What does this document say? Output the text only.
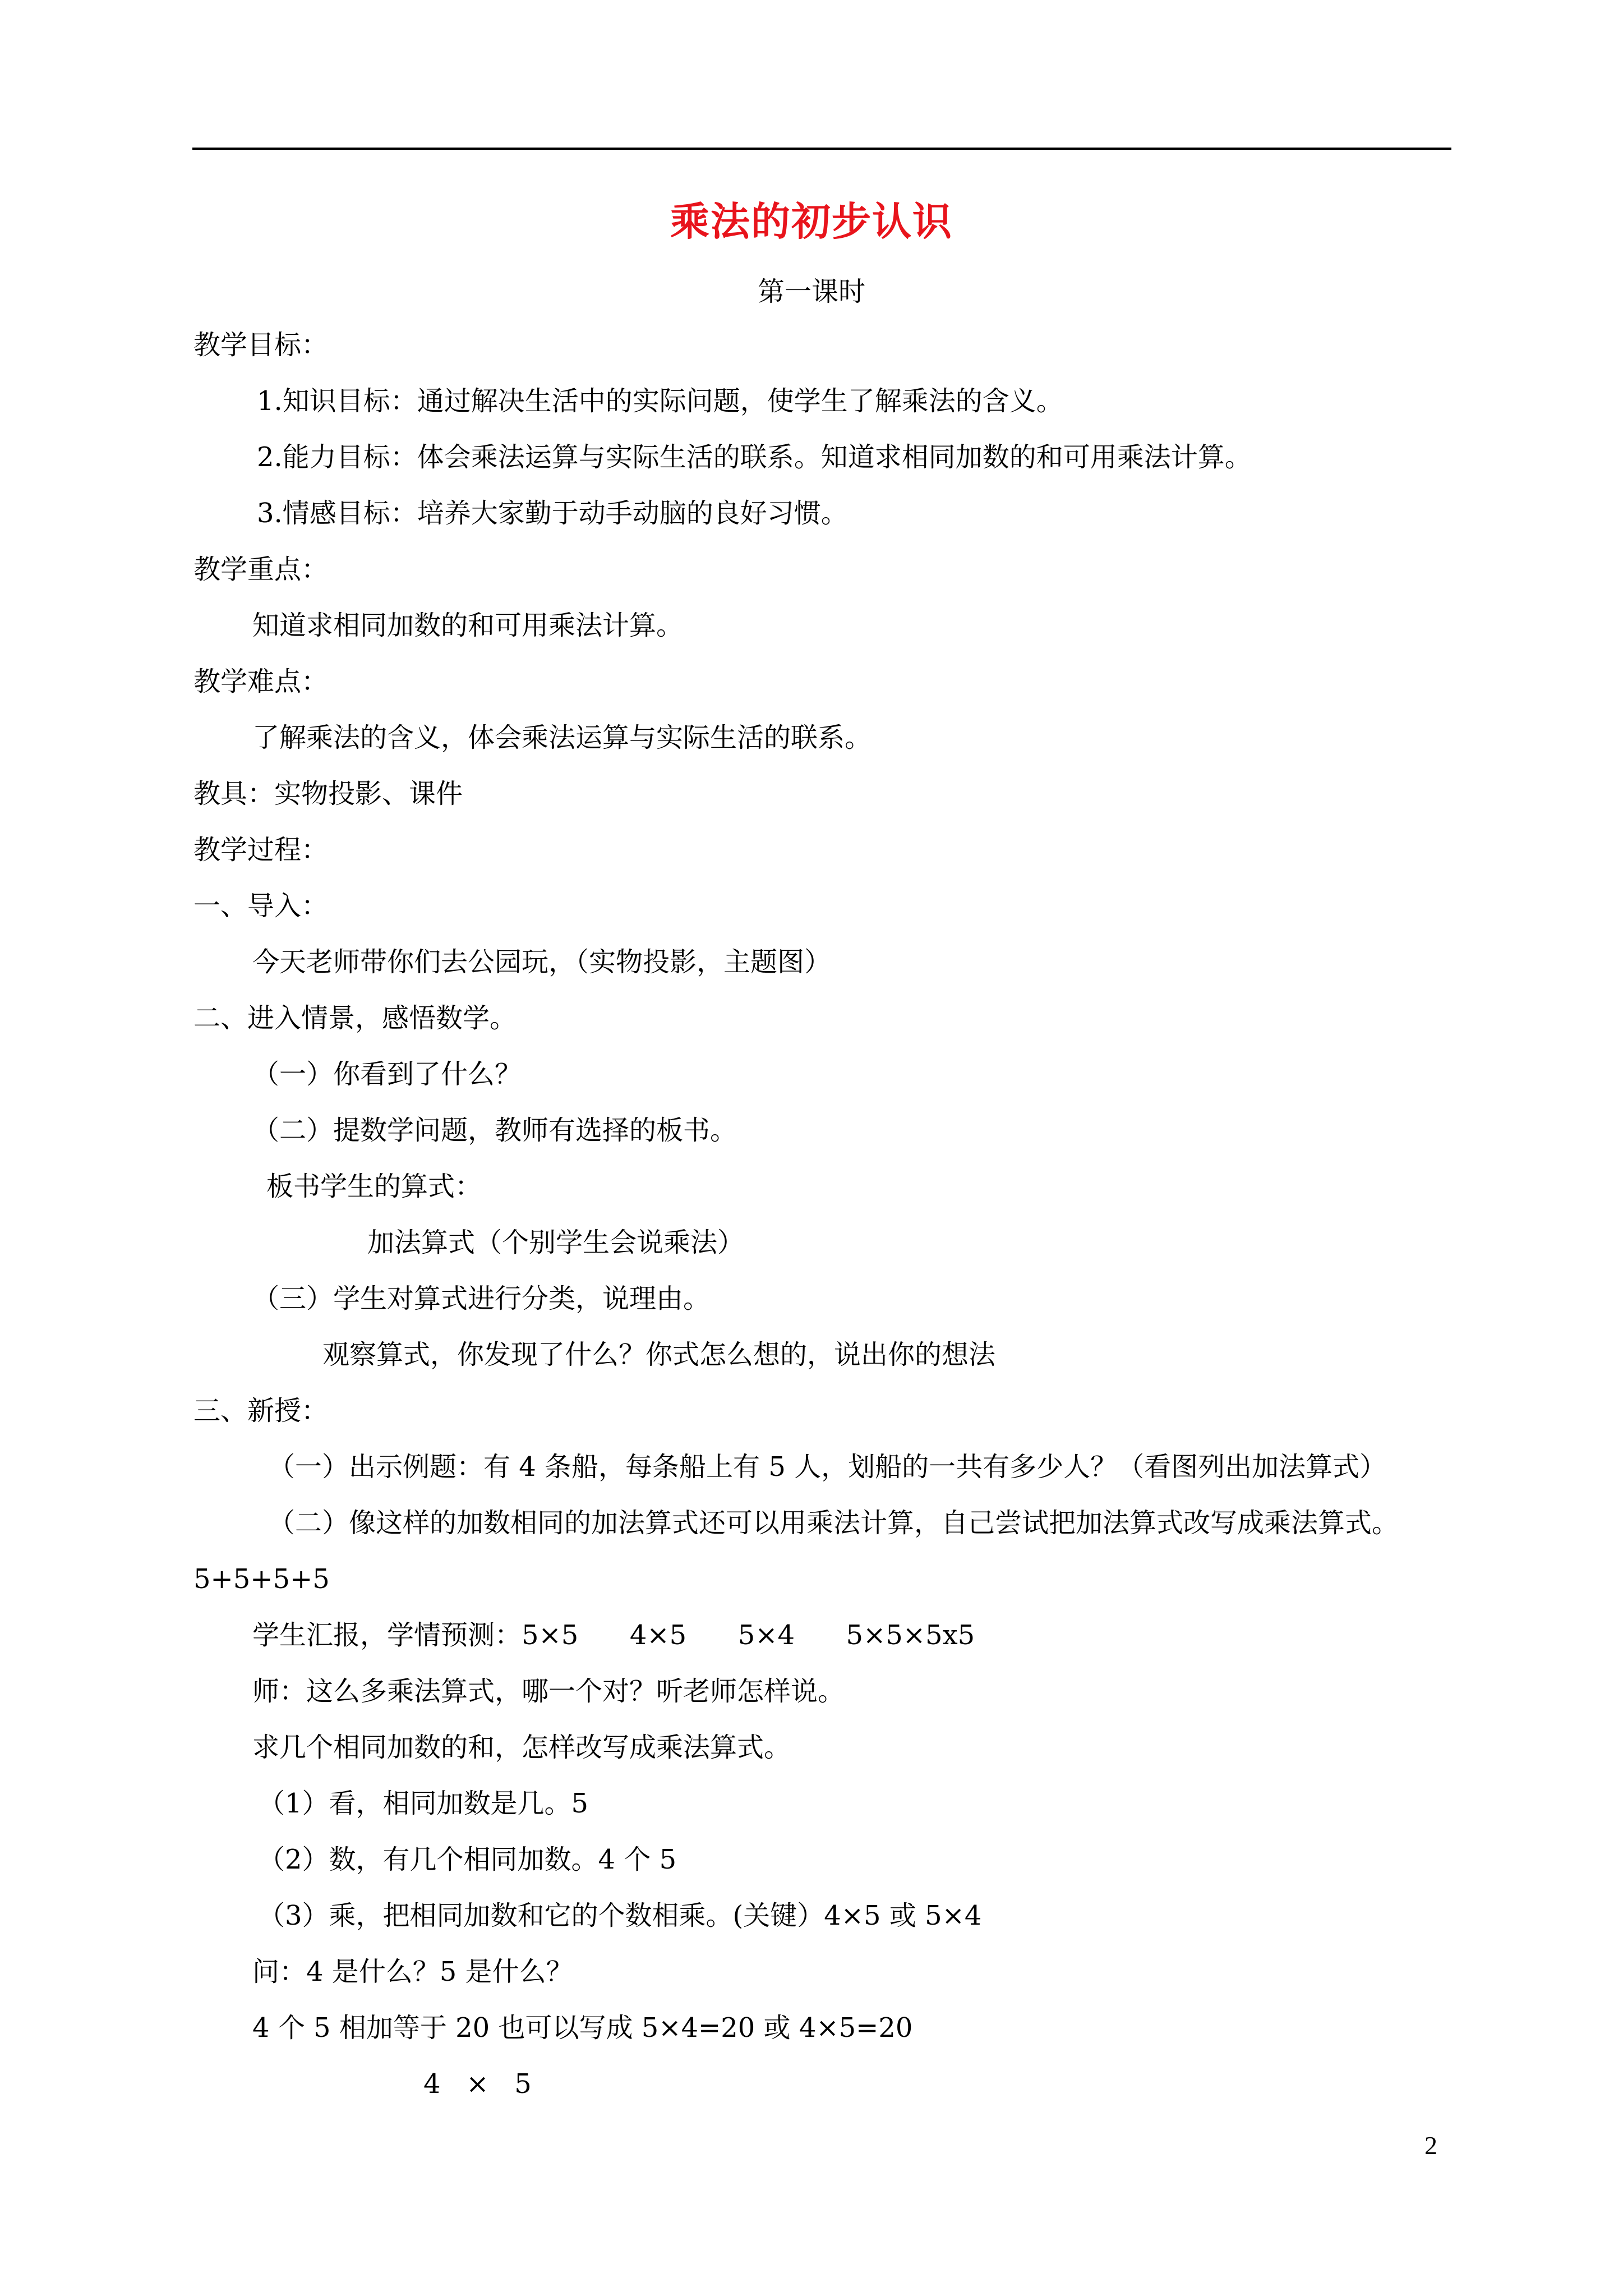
乘法的初步认识
第一课时
教学目标：
1.知识目标：通过解决生活中的实际问题，使学生了解乘法的含义。
2.能力目标：体会乘法运算与实际生活的联系。知道求相同加数的和可用乘法计算。
3.情感目标：培养大家勤于动手动脑的良好习惯。
教学重点：
知道求相同加数的和可用乘法计算。
教学难点：
了解乘法的含义，体会乘法运算与实际生活的联系。
教具：实物投影、课件
教学过程：
一、导入：
今天老师带你们去公园玩，（实物投影，主题图）
二、进入情景，感悟数学。
（一）你看到了什么？
（二）提数学问题，教师有选择的板书。
板书学生的算式：
加法算式（个别学生会说乘法）
（三）学生对算式进行分类，说理由。
观察算式，你发现了什么？你式怎么想的，说出你的想法
三、新授：
（一）出示例题：有 4 条船，每条船上有 5 人，划船的一共有多少人？（看图列出加法算式）
（二）像这样的加数相同的加法算式还可以用乘法计算，自己尝试把加法算式改写成乘法算式。
5+5+5+5
学生汇报，学情预测：5×5      4×5      5×4      5×5×5x5
师：这么多乘法算式，哪一个对？听老师怎样说。
求几个相同加数的和，怎样改写成乘法算式。
（1）看，相同加数是几。5
（2）数，有几个相同加数。4 个 5
（3）乘，把相同加数和它的个数相乘。(关键）4×5 或 5×4
问：4 是什么？5 是什么？
4 个 5 相加等于 20 也可以写成 5×4=20 或 4×5=20
4   ×   5
2
